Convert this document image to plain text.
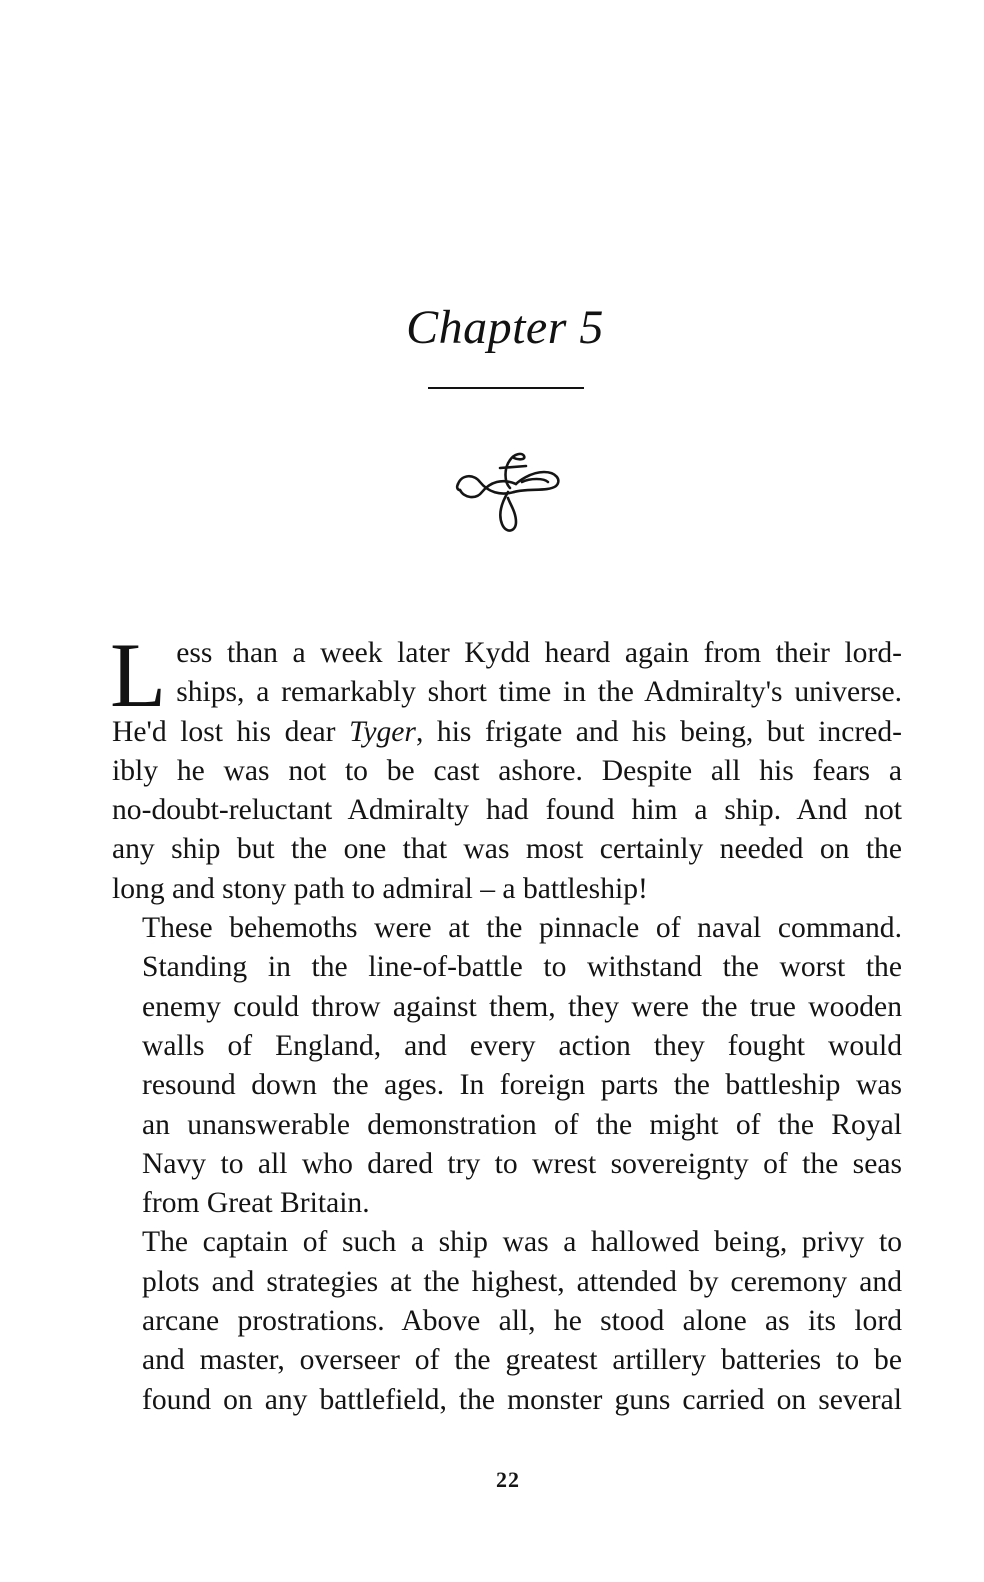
Chapter 5

L ess than a week later Kydd heard again from their lord-
ships, a remarkably short time in the Admiralty's universe.
He'd lost his dear Tyger, his frigate and his being, but incred-
ibly he was not to be cast ashore. Despite all his fears a
no-doubt-reluctant Admiralty had found him a ship. And not
any ship but the one that was most certainly needed on the
long and stony path to admiral – a battleship!

These behemoths were at the pinnacle of naval command.
Standing in the line-of-battle to withstand the worst the
enemy could throw against them, they were the true wooden
walls of England, and every action they fought would
resound down the ages. In foreign parts the battleship was
an unanswerable demonstration of the might of the Royal
Navy to all who dared try to wrest sovereignty of the seas
from Great Britain.

The captain of such a ship was a hallowed being, privy to
plots and strategies at the highest, attended by ceremony and
arcane prostrations. Above all, he stood alone as its lord
and master, overseer of the greatest artillery batteries to be
found on any battlefield, the monster guns carried on several

22
